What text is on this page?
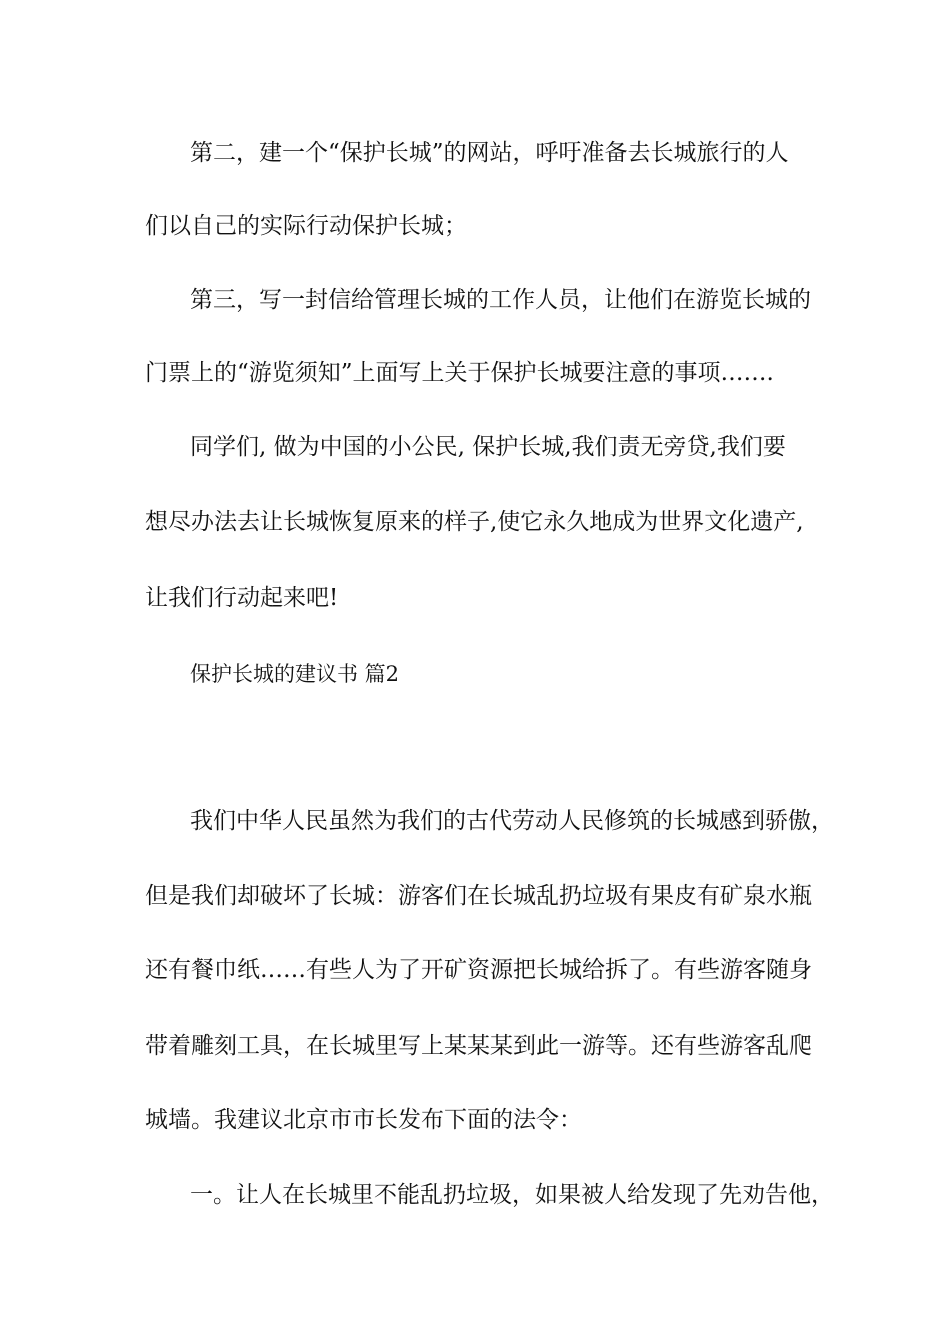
第二，建一个“保护长城”的网站，呼吁准备去长城旅行的人
们以自己的实际行动保护长城；
第三，写一封信给管理长城的工作人员，让他们在游览长城的
门票上的“游览须知”上面写上关于保护长城要注意的事项…….
同学们, 做为中国的小公民, 保护长城,我们责无旁贷,我们要
想尽办法去让长城恢复原来的样子,使它永久地成为世界文化遗产,
让我们行动起来吧!
保护长城的建议书 篇2
我们中华人民虽然为我们的古代劳动人民修筑的长城感到骄傲，
但是我们却破坏了长城：游客们在长城乱扔垃圾有果皮有矿泉水瓶
还有餐巾纸……有些人为了开矿资源把长城给拆了。有些游客随身
带着雕刻工具，在长城里写上某某某到此一游等。还有些游客乱爬
城墙。我建议北京市市长发布下面的法令：
一。让人在长城里不能乱扔垃圾，如果被人给发现了先劝告他，
